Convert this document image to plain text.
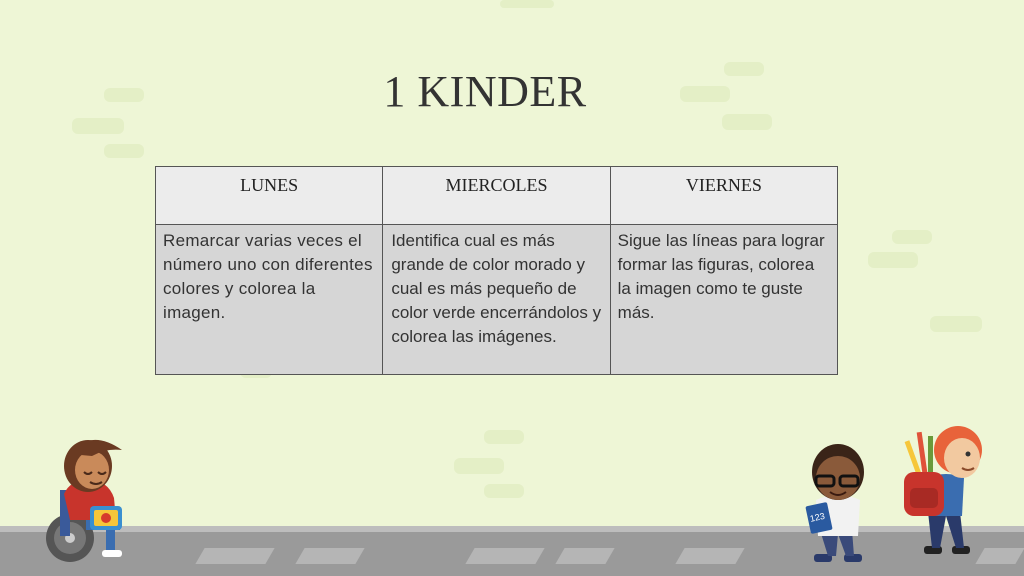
1 KINDER
LUNES	MIERCOLES	VIERNES
Remarcar varias veces el número uno con diferentes colores y colorea la imagen.	Identifica cual es más grande de color morado y cual es más pequeño de color verde encerrándolos y colorea las imágenes.	Sigue las líneas para lograr formar las figuras, colorea la imagen como te guste más.
123
